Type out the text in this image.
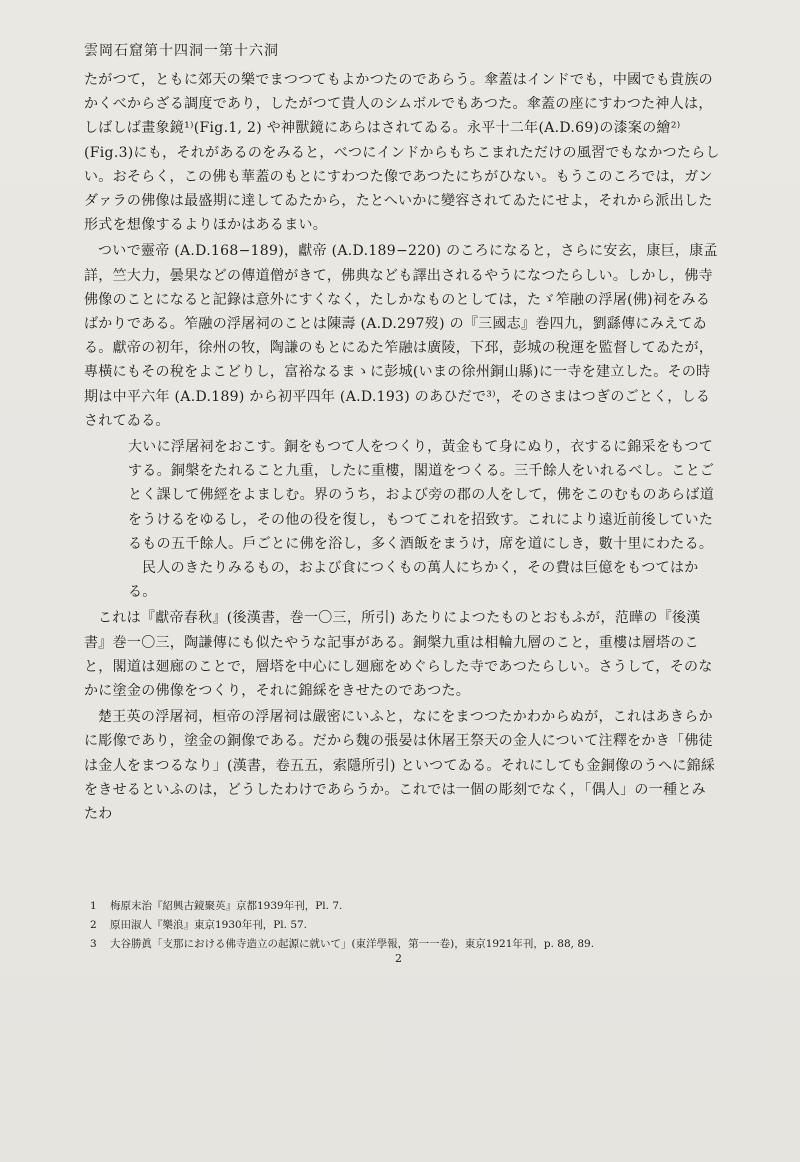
雲岡石窟第十四洞一第十六洞

たがつて，ともに郊天の樂でまつつてもよかつたのであらう。傘蓋はインドでも，中國でも貴族のかくべからざる調度であり，したがつて貴人のシムボルでもあつた。傘蓋の座にすわつた神人は，しばしば畫象鏡¹⁾(Fig.1, 2) や神獸鏡にあらはされてゐる。永平十二年(A.D.69)の漆案の繪²⁾(Fig.3)にも，それがあるのをみると，べつにインドからもちこまれただけの風習でもなかつたらしい。おそらく，この佛も華蓋のもとにすわつた像であつたにちがひない。もうこのころでは，ガンダァラの佛像は最盛期に達してゐたから，たとへいかに變容されてゐたにせよ，それから派出した形式を想像するよりほかはあるまい。

ついで靈帝 (A.D.168−189)，獻帝 (A.D.189−220) のころになると，さらに安玄，康巨，康孟詳，竺大力，曇果などの傳道僧がきて，佛典なども譯出されるやうになつたらしい。しかし，佛寺佛像のことになると記錄は意外にすくなく，たしかなものとしては，たゞ笮融の浮屠(佛)祠をみるばかりである。笮融の浮屠祠のことは陳壽 (A.D.297歿) の『三國志』巻四九，劉繇傳にみえてゐる。獻帝の初年，徐州の牧，陶謙のもとにゐた笮融は廣陵，下邳，彭城の稅運を監督してゐたが，專橫にもその稅をよこどりし，富裕なるまゝに彭城(いまの徐州銅山縣)に一寺を建立した。その時期は中平六年 (A.D.189) から初平四年 (A.D.193) のあひだで³⁾，そのさまはつぎのごとく，しるされてゐる。

大いに浮屠祠をおこす。銅をもつて人をつくり，黃金もて身にぬり，衣するに錦采をもつてする。銅槃をたれること九重，したに重樓，閣道をつくる。三千餘人をいれるべし。ことごとく課して佛經をよましむ。界のうち，および旁の郡の人をして，佛をこのむものあらば道をうけるをゆるし，その他の役を復し，もつてこれを招致す。これにより遠近前後していたるもの五千餘人。戶ごとに佛を浴し，多く酒飯をまうけ，席を道にしき，數十里にわたる。

民人のきたりみるもの，および食につくもの萬人にちかく，その費は巨億をもつてはかる。

これは『獻帝春秋』(後漢書，巻一〇三，所引) あたりによつたものとおもふが，范曄の『後漢書』巻一〇三，陶謙傳にも似たやうな記事がある。銅槃九重は相輪九層のこと，重樓は層塔のこと，閣道は廻廊のことで，層塔を中心にし廻廊をめぐらした寺であつたらしい。さうして，そのなかに塗金の佛像をつくり，それに錦綵をきせたのであつた。

楚王英の浮屠祠，桓帝の浮屠祠は嚴密にいふと，なにをまつつたかわからぬが，これはあきらかに彫像であり，塗金の銅像である。だから魏の張晏は休屠王祭天の金人について注釋をかき「佛徒は金人をまつるなり」(漢書，卷五五，索隱所引) といつてゐる。それにしても金銅像のうへに錦綵をきせるといふのは，どうしたわけであらうか。これでは一個の彫刻でなく，「偶人」の一種とみたわ

1	梅原末治『紹興古鏡聚英』京都1939年刊，Pl. 7.
2	原田淑人『樂浪』東京1930年刊，Pl. 57.
3	大谷勝眞「支那における佛寺造立の起源に就いて」(東洋學報，第一一卷)，東京1921年刊，p. 88, 89.
2
